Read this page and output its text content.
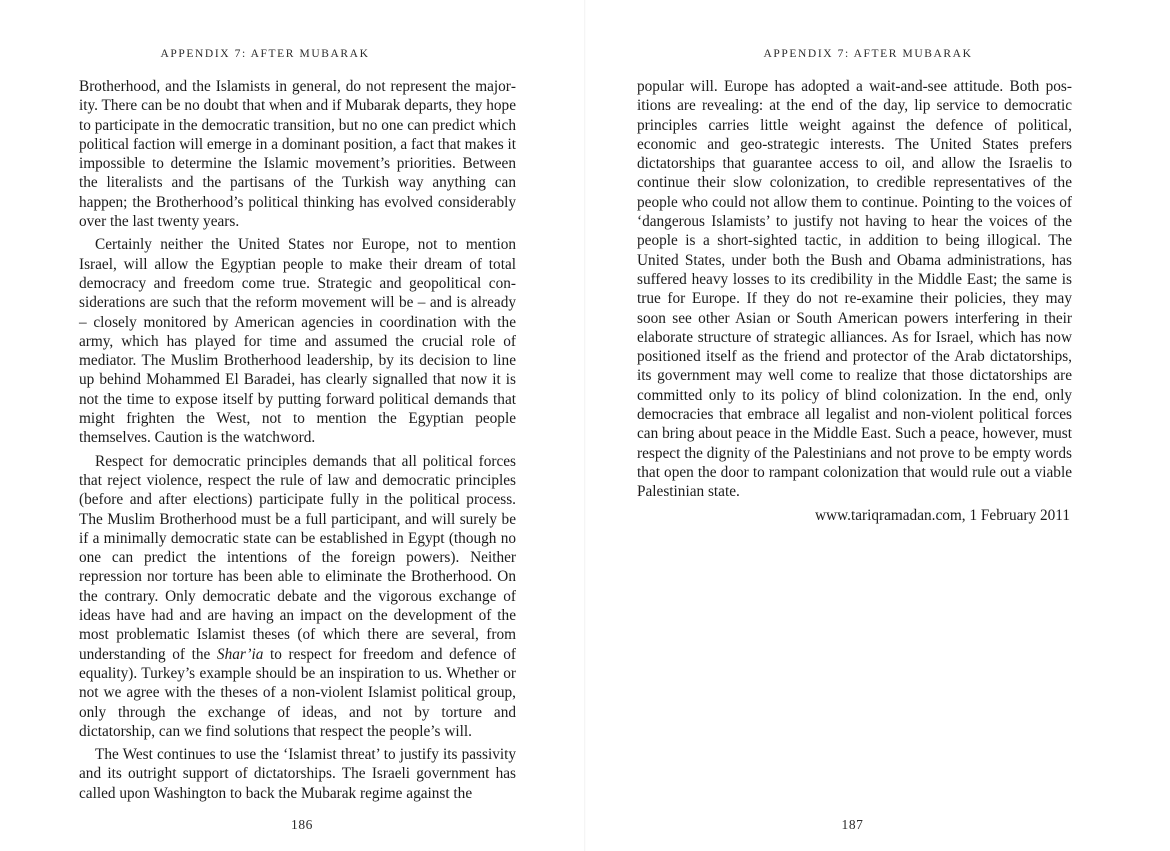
APPENDIX 7: AFTER MUBARAK

Brotherhood, and the Islamists in general, do not represent the majority. There can be no doubt that when and if Mubarak departs, they hope to participate in the democratic transition, but no one can predict which political faction will emerge in a dominant position, a fact that makes it impossible to determine the Islamic movement’s priorities. Between the literalists and the partisans of the Turkish way anything can happen; the Brotherhood’s political thinking has evolved considerably over the last twenty years.

Certainly neither the United States nor Europe, not to mention Israel, will allow the Egyptian people to make their dream of total democracy and freedom come true. Strategic and geopolitical considerations are such that the reform movement will be – and is already – closely monitored by American agencies in coordination with the army, which has played for time and assumed the crucial role of mediator. The Muslim Brotherhood leadership, by its decision to line up behind Mohammed El Baradei, has clearly signalled that now it is not the time to expose itself by putting forward political demands that might frighten the West, not to mention the Egyptian people themselves. Caution is the watchword.

Respect for democratic principles demands that all political forces that reject violence, respect the rule of law and democratic principles (before and after elections) participate fully in the political process. The Muslim Brotherhood must be a full participant, and will surely be if a minimally democratic state can be established in Egypt (though no one can predict the intentions of the foreign powers). Neither repression nor torture has been able to eliminate the Brotherhood. On the contrary. Only democratic debate and the vigorous exchange of ideas have had and are having an impact on the development of the most problematic Islamist theses (of which there are several, from understanding of the Shar’ia to respect for freedom and defence of equality). Turkey’s example should be an inspiration to us. Whether or not we agree with the theses of a non-violent Islamist political group, only through the exchange of ideas, and not by torture and dictatorship, can we find solutions that respect the people’s will.

The West continues to use the ‘Islamist threat’ to justify its passivity and its outright support of dictatorships. The Israeli government has called upon Washington to back the Mubarak regime against the

186
APPENDIX 7: AFTER MUBARAK

popular will. Europe has adopted a wait-and-see attitude. Both positions are revealing: at the end of the day, lip service to democratic principles carries little weight against the defence of political, economic and geo-strategic interests. The United States prefers dictatorships that guarantee access to oil, and allow the Israelis to continue their slow colonization, to credible representatives of the people who could not allow them to continue. Pointing to the voices of ‘dangerous Islamists’ to justify not having to hear the voices of the people is a short-sighted tactic, in addition to being illogical. The United States, under both the Bush and Obama administrations, has suffered heavy losses to its credibility in the Middle East; the same is true for Europe. If they do not re-examine their policies, they may soon see other Asian or South American powers interfering in their elaborate structure of strategic alliances. As for Israel, which has now positioned itself as the friend and protector of the Arab dictatorships, its government may well come to realize that those dictatorships are committed only to its policy of blind colonization. In the end, only democracies that embrace all legalist and non-violent political forces can bring about peace in the Middle East. Such a peace, however, must respect the dignity of the Palestinians and not prove to be empty words that open the door to rampant colonization that would rule out a viable Palestinian state.

www.tariqramadan.com, 1 February 2011

187
